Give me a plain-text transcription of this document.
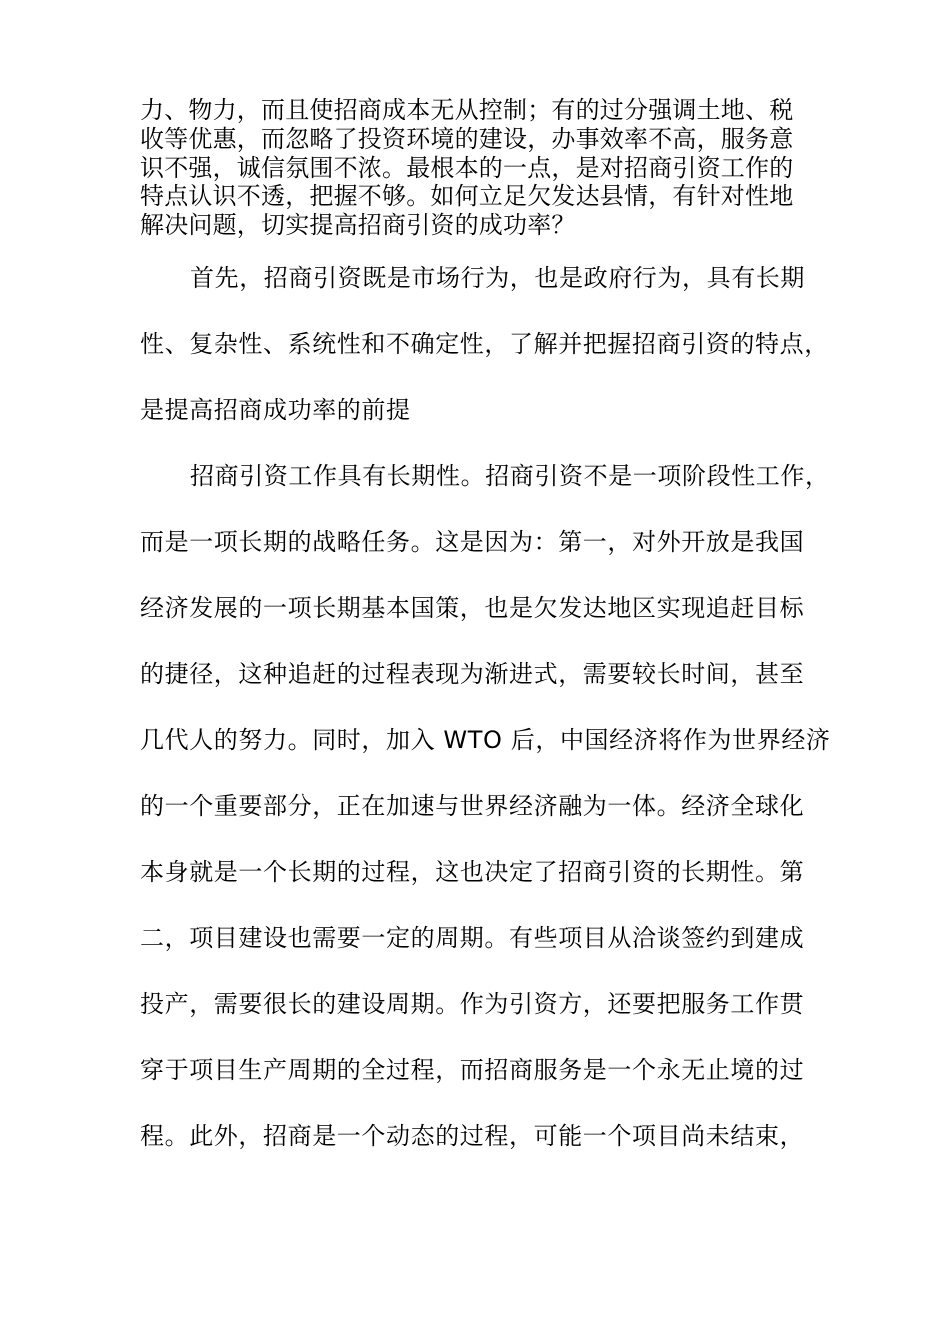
力、物力，而且使招商成本无从控制；有的过分强调土地、税
收等优惠，而忽略了投资环境的建设，办事效率不高，服务意
识不强，诚信氛围不浓。最根本的一点，是对招商引资工作的
特点认识不透，把握不够。如何立足欠发达县情，有针对性地
解决问题，切实提高招商引资的成功率？
首先，招商引资既是市场行为，也是政府行为，具有长期
性、复杂性、系统性和不确定性，了解并把握招商引资的特点，
是提高招商成功率的前提
招商引资工作具有长期性。招商引资不是一项阶段性工作，
而是一项长期的战略任务。这是因为：第一，对外开放是我国
经济发展的一项长期基本国策，也是欠发达地区实现追赶目标
的捷径，这种追赶的过程表现为渐进式，需要较长时间，甚至
几代人的努力。同时，加入 WTO 后，中国经济将作为世界经济
的一个重要部分，正在加速与世界经济融为一体。经济全球化
本身就是一个长期的过程，这也决定了招商引资的长期性。第
二，项目建设也需要一定的周期。有些项目从洽谈签约到建成
投产，需要很长的建设周期。作为引资方，还要把服务工作贯
穿于项目生产周期的全过程，而招商服务是一个永无止境的过
程。此外，招商是一个动态的过程，可能一个项目尚未结束，
